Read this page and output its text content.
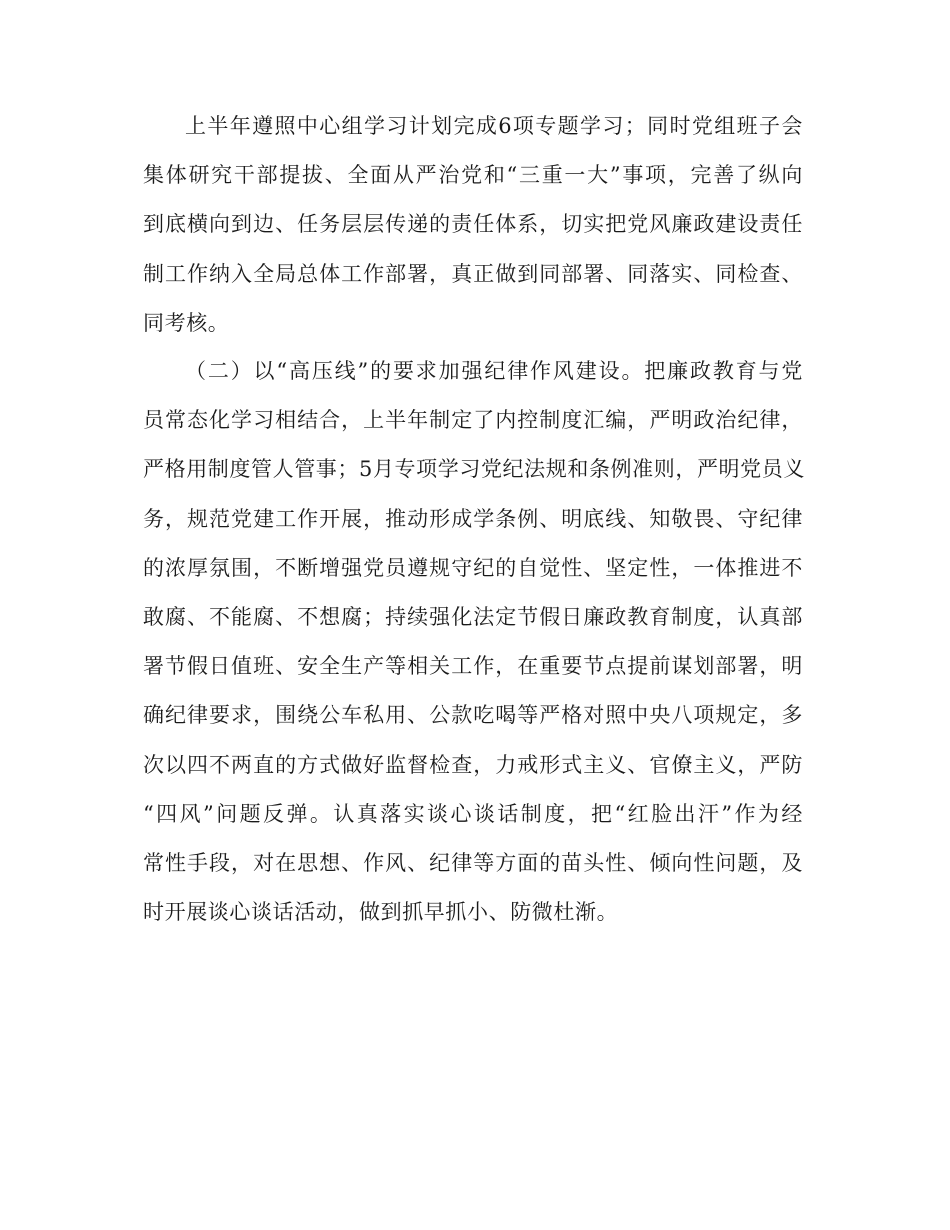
上半年遵照中心组学习计划完成6项专题学习；同时党组班子会
集体研究干部提拔、全面从严治党和“三重一大”事项，完善了纵向
到底横向到边、任务层层传递的责任体系，切实把党风廉政建设责任
制工作纳入全局总体工作部署，真正做到同部署、同落实、同检查、
同考核。
（二）以“高压线”的要求加强纪律作风建设。把廉政教育与党
员常态化学习相结合，上半年制定了内控制度汇编，严明政治纪律，
严格用制度管人管事；5月专项学习党纪法规和条例准则，严明党员义
务，规范党建工作开展，推动形成学条例、明底线、知敬畏、守纪律
的浓厚氛围，不断增强党员遵规守纪的自觉性、坚定性，一体推进不
敢腐、不能腐、不想腐；持续强化法定节假日廉政教育制度，认真部
署节假日值班、安全生产等相关工作，在重要节点提前谋划部署，明
确纪律要求，围绕公车私用、公款吃喝等严格对照中央八项规定，多
次以四不两直的方式做好监督检查，力戒形式主义、官僚主义，严防
“四风”问题反弹。认真落实谈心谈话制度，把“红脸出汗”作为经
常性手段，对在思想、作风、纪律等方面的苗头性、倾向性问题，及
时开展谈心谈话活动，做到抓早抓小、防微杜渐。
